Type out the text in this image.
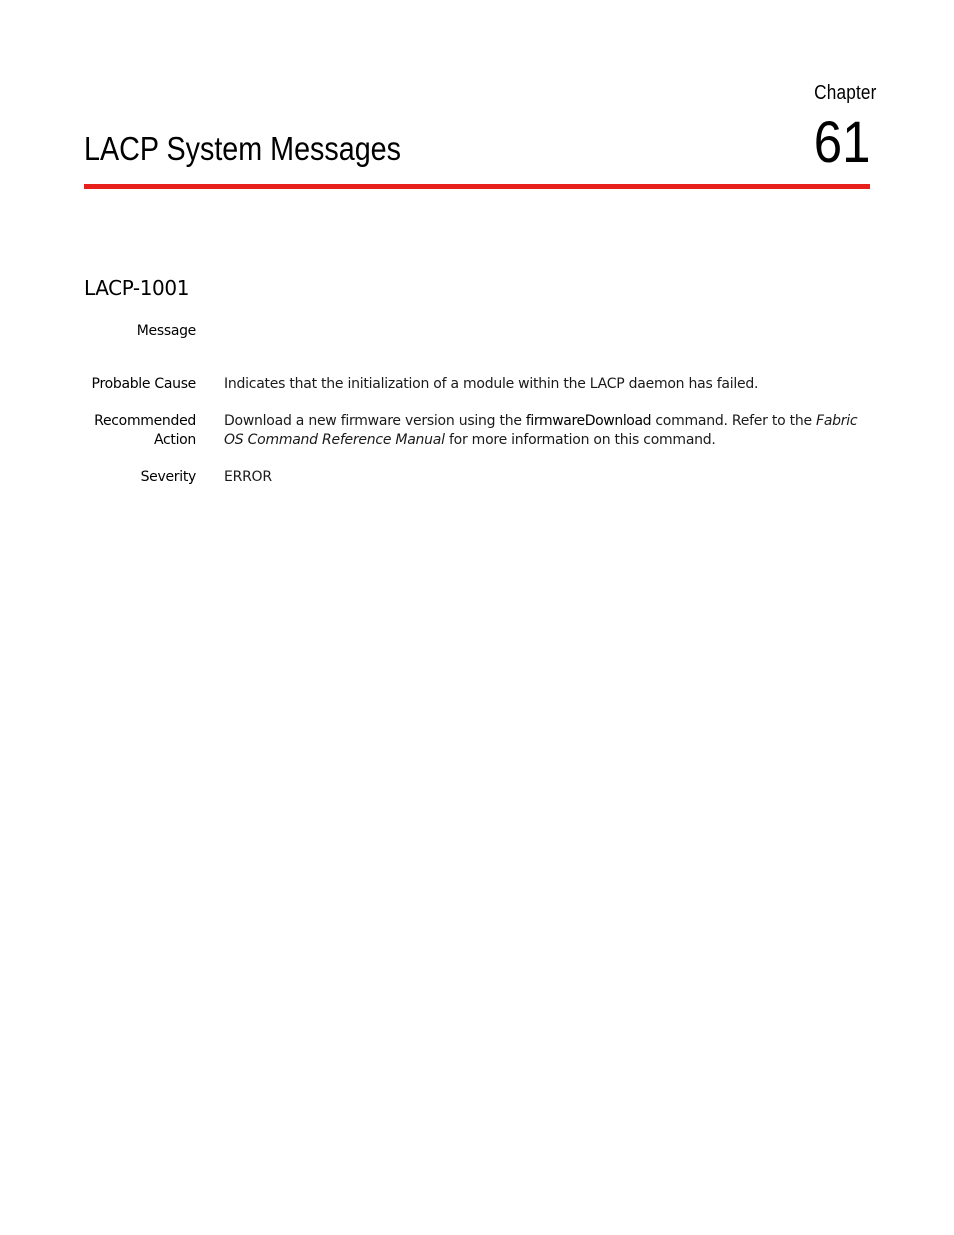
Chapter
61
LACP System Messages
LACP-1001
Message
Probable Cause Indicates that the initialization of a module within the LACP daemon has failed.
Recommended
Action
Download a new firmware version using the firmwareDownload command. Refer to the Fabric OS Command Reference Manual for more information on this command.
Severity ERROR
